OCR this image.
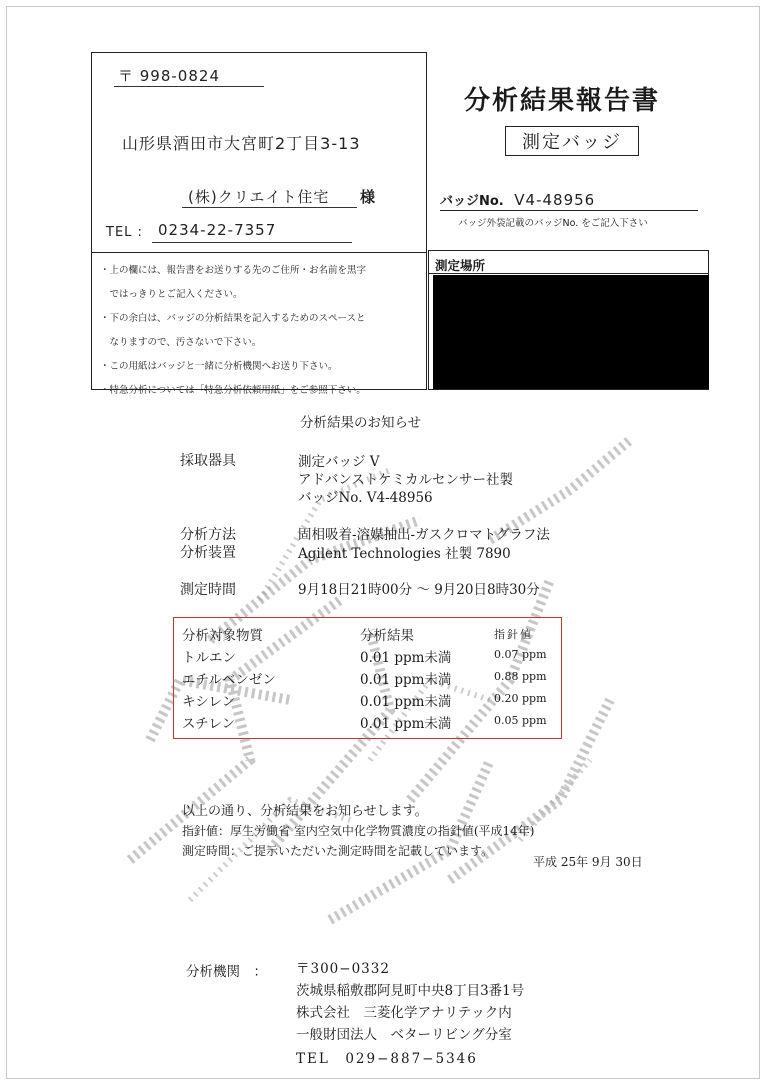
〒 998-0824
山形県酒田市大宮町2丁目3-13
(株)クリエイト住宅 様
TEL : 0234-22-7357
・上の欄には、報告書をお送りする先のご住所・お名前を黒字
　ではっきりとご記入ください。
・下の余白は、バッジの分析結果を記入するためのスペースと
　なりますので、汚さないで下さい。
・この用紙はバッジと一緒に分析機関へお送り下さい。
・特急分析については「特急分析依頼用紙」をご参照下さい。
分析結果報告書
測定バッジ
バッジNo. V4-48956
バッジ外袋記載のバッジNo. をご記入下さい
測定場所
分析結果のお知らせ
採取器具	測定バッジ V
アドバンストケミカルセンサー社製
バッジNo. V4-48956
分析方法	固相吸着-溶媒抽出-ガスクロマトグラフ法
分析装置	Agilent Technologies 社製 7890
測定時間	9月18日21時00分 〜 9月20日8時30分
分析対象物質	分析結果	指針値
トルエン	0.01 ppm未満	0.07 ppm
エチルベンゼン	0.01 ppm未満	0.88 ppm
キシレン	0.01 ppm未満	0.20 ppm
スチレン	0.01 ppm未満	0.05 ppm
以上の通り、分析結果をお知らせします。
指針値：厚生労働省 室内空気中化学物質濃度の指針値(平成14年)
測定時間：ご提示いただいた測定時間を記載しています。
平成 25年 9月 30日
分析機関　： 〒300−0332
茨城県稲敷郡阿見町中央8丁目3番1号
株式会社　三菱化学アナリテック内
一般財団法人　ベターリビング分室
TEL　029−887−5346
